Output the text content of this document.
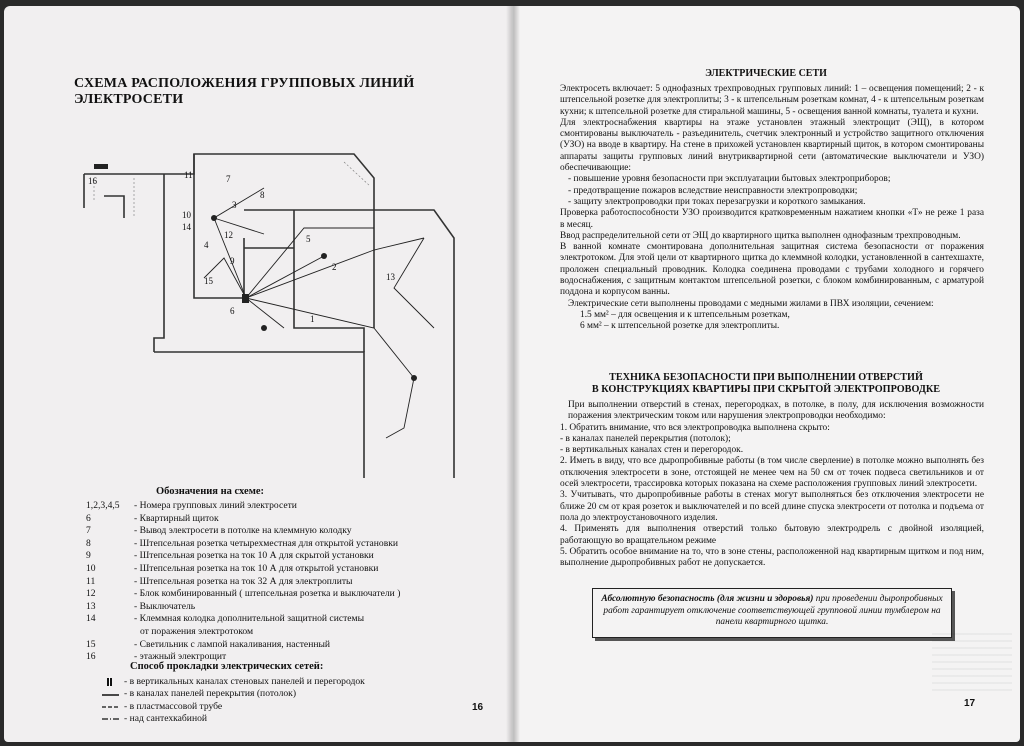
СХЕМА РАСПОЛОЖЕНИЯ ГРУППОВЫХ ЛИНИЙ ЭЛЕКТРОСЕТИ
16
11
10
4
15
14
7
8
3
9
5
12
2
6
13
1
Обозначения на схеме:
1,2,3,4,5	- Номера групповых линий электросети
6	- Квартирный щиток
7	- Вывод электросети в потолке на клеммную колодку
8	- Штепсельная розетка четырехместная для открытой установки
9	- Штепсельная розетка на ток 10 А для скрытой установки
10	- Штепсельная розетка на ток 10 А для открытой установки
11	- Штепсельная розетка на ток 32 А для электроплиты
12	- Блок комбинированный ( штепсельная розетка и выключатели )
13	- Выключатель
14	- Клеммная колодка дополнительной защитной системы
от поражения электротоком
15	- Светильник с лампой накаливания, настенный
16	- этажный электрощит
Способ прокладки электрических сетей:
- в вертикальных каналах стеновых панелей и перегородок
- в каналах панелей перекрытия (потолок)
- в пластмассовой трубе
- над сантехкабиной
16
ЭЛЕКТРИЧЕСКИЕ СЕТИ

Электросеть включает: 5 однофазных трехпроводных групповых линий: 1 – освещения помещений; 2 - к штепсельной розетке для электроплиты; 3 - к штепсельным розеткам комнат, 4 - к штепсельным розеткам кухни; к штепсельной розетке для стиральной машины, 5 - освещения ванной комнаты, туалета и кухни.

Для электроснабжения квартиры на этаже установлен этажный электрощит (ЭЩ), в котором смонтированы выключатель - разъединитель, счетчик электронный и устройство защитного отключения (УЗО) на вводе в квартиру. На стене в прихожей установлен квартирный щиток, в котором смонтированы аппараты защиты групповых линий внутриквартирной сети (автоматические выключатели и УЗО) обеспечивающие:

- повышение уровня безопасности при эксплуатации бытовых электроприборов;

- предотвращение пожаров вследствие неисправности электропроводки;

- защиту электропроводки при токах перезагрузки и короткого замыкания.

Проверка работоспособности УЗО производится кратковременным нажатием кнопки «Т» не реже 1 раза в месяц.

Ввод распределительной сети от ЭЩ до квартирного щитка выполнен однофазным трехпроводным.

В ванной комнате смонтирована дополнительная защитная система безопасности от поражения электротоком. Для этой цели от квартирного щитка до клеммной колодки, установленной в сантехшахте, проложен специальный проводник. Колодка соединена проводами с трубами холодного и горячего водоснабжения, с защитным контактом штепсельной розетки, с блоком комбинированным, с арматурой поддона и корпусом ванны.

Электрические сети выполнены проводами с медными жилами в ПВХ изоляции, сечением:

1.5 мм² – для освещения и к штепсельным розеткам,

6 мм² – к штепсельной розетке для электроплиты.

ТЕХНИКА БЕЗОПАСНОСТИ ПРИ ВЫПОЛНЕНИИ ОТВЕРСТИЙ
В КОНСТРУКЦИЯХ КВАРТИРЫ ПРИ СКРЫТОЙ ЭЛЕКТРОПРОВОДКЕ

При выполнении отверстий в стенах, перегородках, в потолке, в полу, для исключения возможности поражения электрическим током или нарушения электропроводки необходимо:

1. Обратить внимание, что вся электропроводка выполнена скрыто:

- в каналах панелей перекрытия (потолок);

- в вертикальных каналах стен и перегородок.

2. Иметь в виду, что все дыропробивные работы (в том числе сверление) в потолке можно выполнять без отключения электросети в зоне, отстоящей не менее чем на 50 см от точек подвеса светильников и от осей электросети, трассировка которых показана на схеме расположения групповых линий электросети.

3. Учитывать, что дыропробивные работы в стенах могут выполняться без отключения электросети не ближе 20 см от края розеток и выключателей и по всей длине спуска электросети от потолка и подъема от пола до электроустановочного изделия.

4. Применять для выполнения отверстий только бытовую электродрель с двойной изоляцией, работающую во вращательном режиме

5. Обратить особое внимание на то, что в зоне стены, расположенной над квартирным щитком и под ним, выполнение дыропробивных работ не допускается.

Абсолютную безопасность (для жизни и здоровья) при проведении дыропробивных работ гарантирует отключение соответствующей групповой линии тумблером на панели квартирного щитка.
17
